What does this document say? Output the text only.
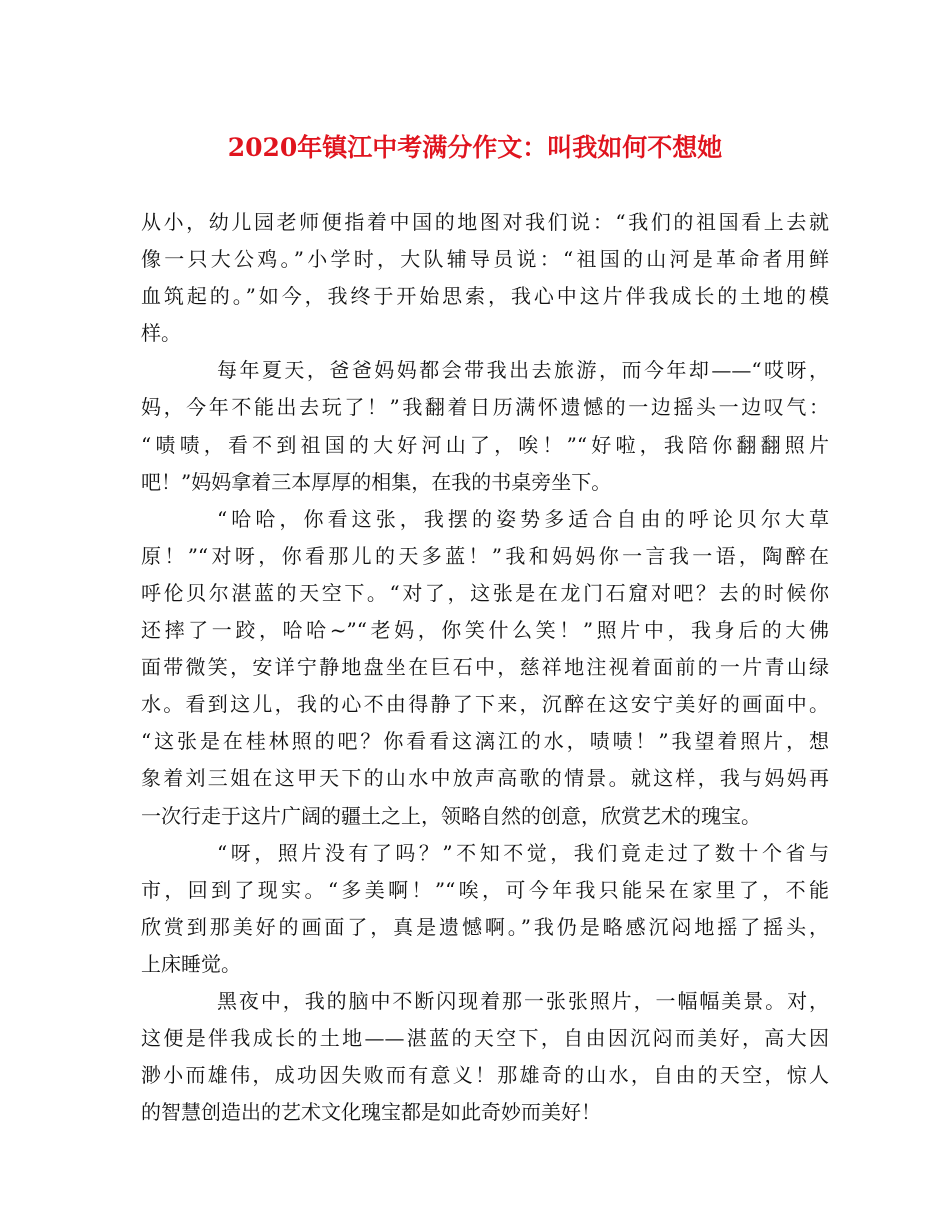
2020年镇江中考满分作文：叫我如何不想她
从小，幼儿园老师便指着中国的地图对我们说：“我们的祖国看上去就
像一只大公鸡。”小学时，大队辅导员说：“祖国的山河是革命者用鲜
血筑起的。”如今，我终于开始思索，我心中这片伴我成长的土地的模
样。
每年夏天，爸爸妈妈都会带我出去旅游，而今年却——“哎呀，
妈，今年不能出去玩了！”我翻着日历满怀遗憾的一边摇头一边叹气：
“啧啧，看不到祖国的大好河山了，唉！”“好啦，我陪你翻翻照片
吧！”妈妈拿着三本厚厚的相集，在我的书桌旁坐下。
“哈哈，你看这张，我摆的姿势多适合自由的呼论贝尔大草
原！”“对呀，你看那儿的天多蓝！”我和妈妈你一言我一语，陶醉在
呼伦贝尔湛蓝的天空下。“对了，这张是在龙门石窟对吧？去的时候你
还摔了一跤，哈哈~”“老妈，你笑什么笑！”照片中，我身后的大佛
面带微笑，安详宁静地盘坐在巨石中，慈祥地注视着面前的一片青山绿
水。看到这儿，我的心不由得静了下来，沉醉在这安宁美好的画面中。
“这张是在桂林照的吧？你看看这漓江的水，啧啧！”我望着照片，想
象着刘三姐在这甲天下的山水中放声高歌的情景。就这样，我与妈妈再
一次行走于这片广阔的疆土之上，领略自然的创意，欣赏艺术的瑰宝。
“呀，照片没有了吗？”不知不觉，我们竟走过了数十个省与
市，回到了现实。“多美啊！”“唉，可今年我只能呆在家里了，不能
欣赏到那美好的画面了，真是遗憾啊。”我仍是略感沉闷地摇了摇头，
上床睡觉。
黑夜中，我的脑中不断闪现着那一张张照片，一幅幅美景。对，
这便是伴我成长的土地——湛蓝的天空下，自由因沉闷而美好，高大因
渺小而雄伟，成功因失败而有意义！那雄奇的山水，自由的天空，惊人
的智慧创造出的艺术文化瑰宝都是如此奇妙而美好！
